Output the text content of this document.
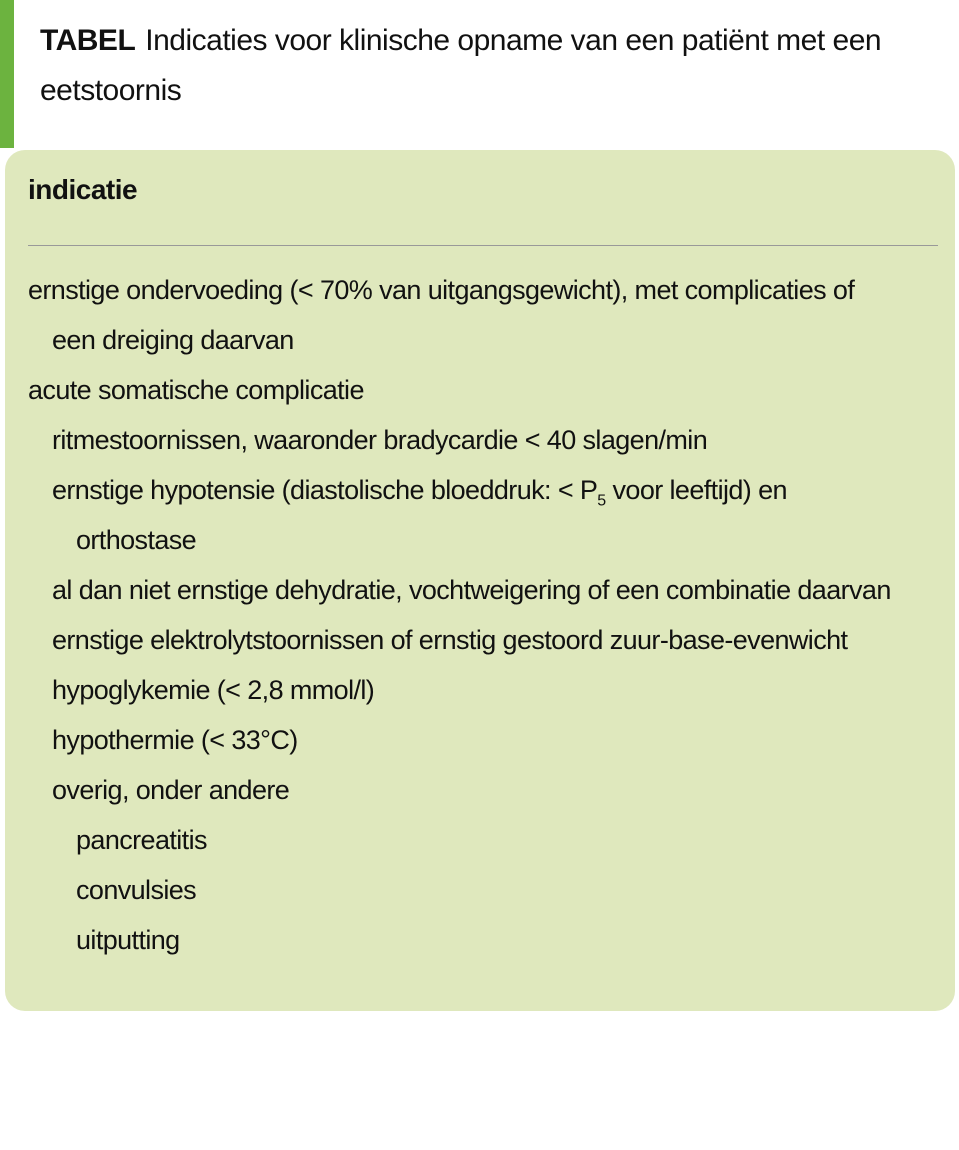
TABEL Indicaties voor klinische opname van een patiënt met een
eetstoornis
indicatie
ernstige ondervoeding (< 70% van uitgangsgewicht), met complicaties of
een dreiging daarvan
acute somatische complicatie
ritmestoornissen, waaronder bradycardie < 40 slagen/min
ernstige hypotensie (diastolische bloeddruk: < $P_5$ voor leeftijd) en
orthostase
al dan niet ernstige dehydratie, vochtweigering of een combinatie daarvan
ernstige elektrolytstoornissen of ernstig gestoord zuur-base-evenwicht
hypoglykemie (< 2,8 mmol/l)
hypothermie (< 33°C)
overig, onder andere
pancreatitis
convulsies
uitputting
